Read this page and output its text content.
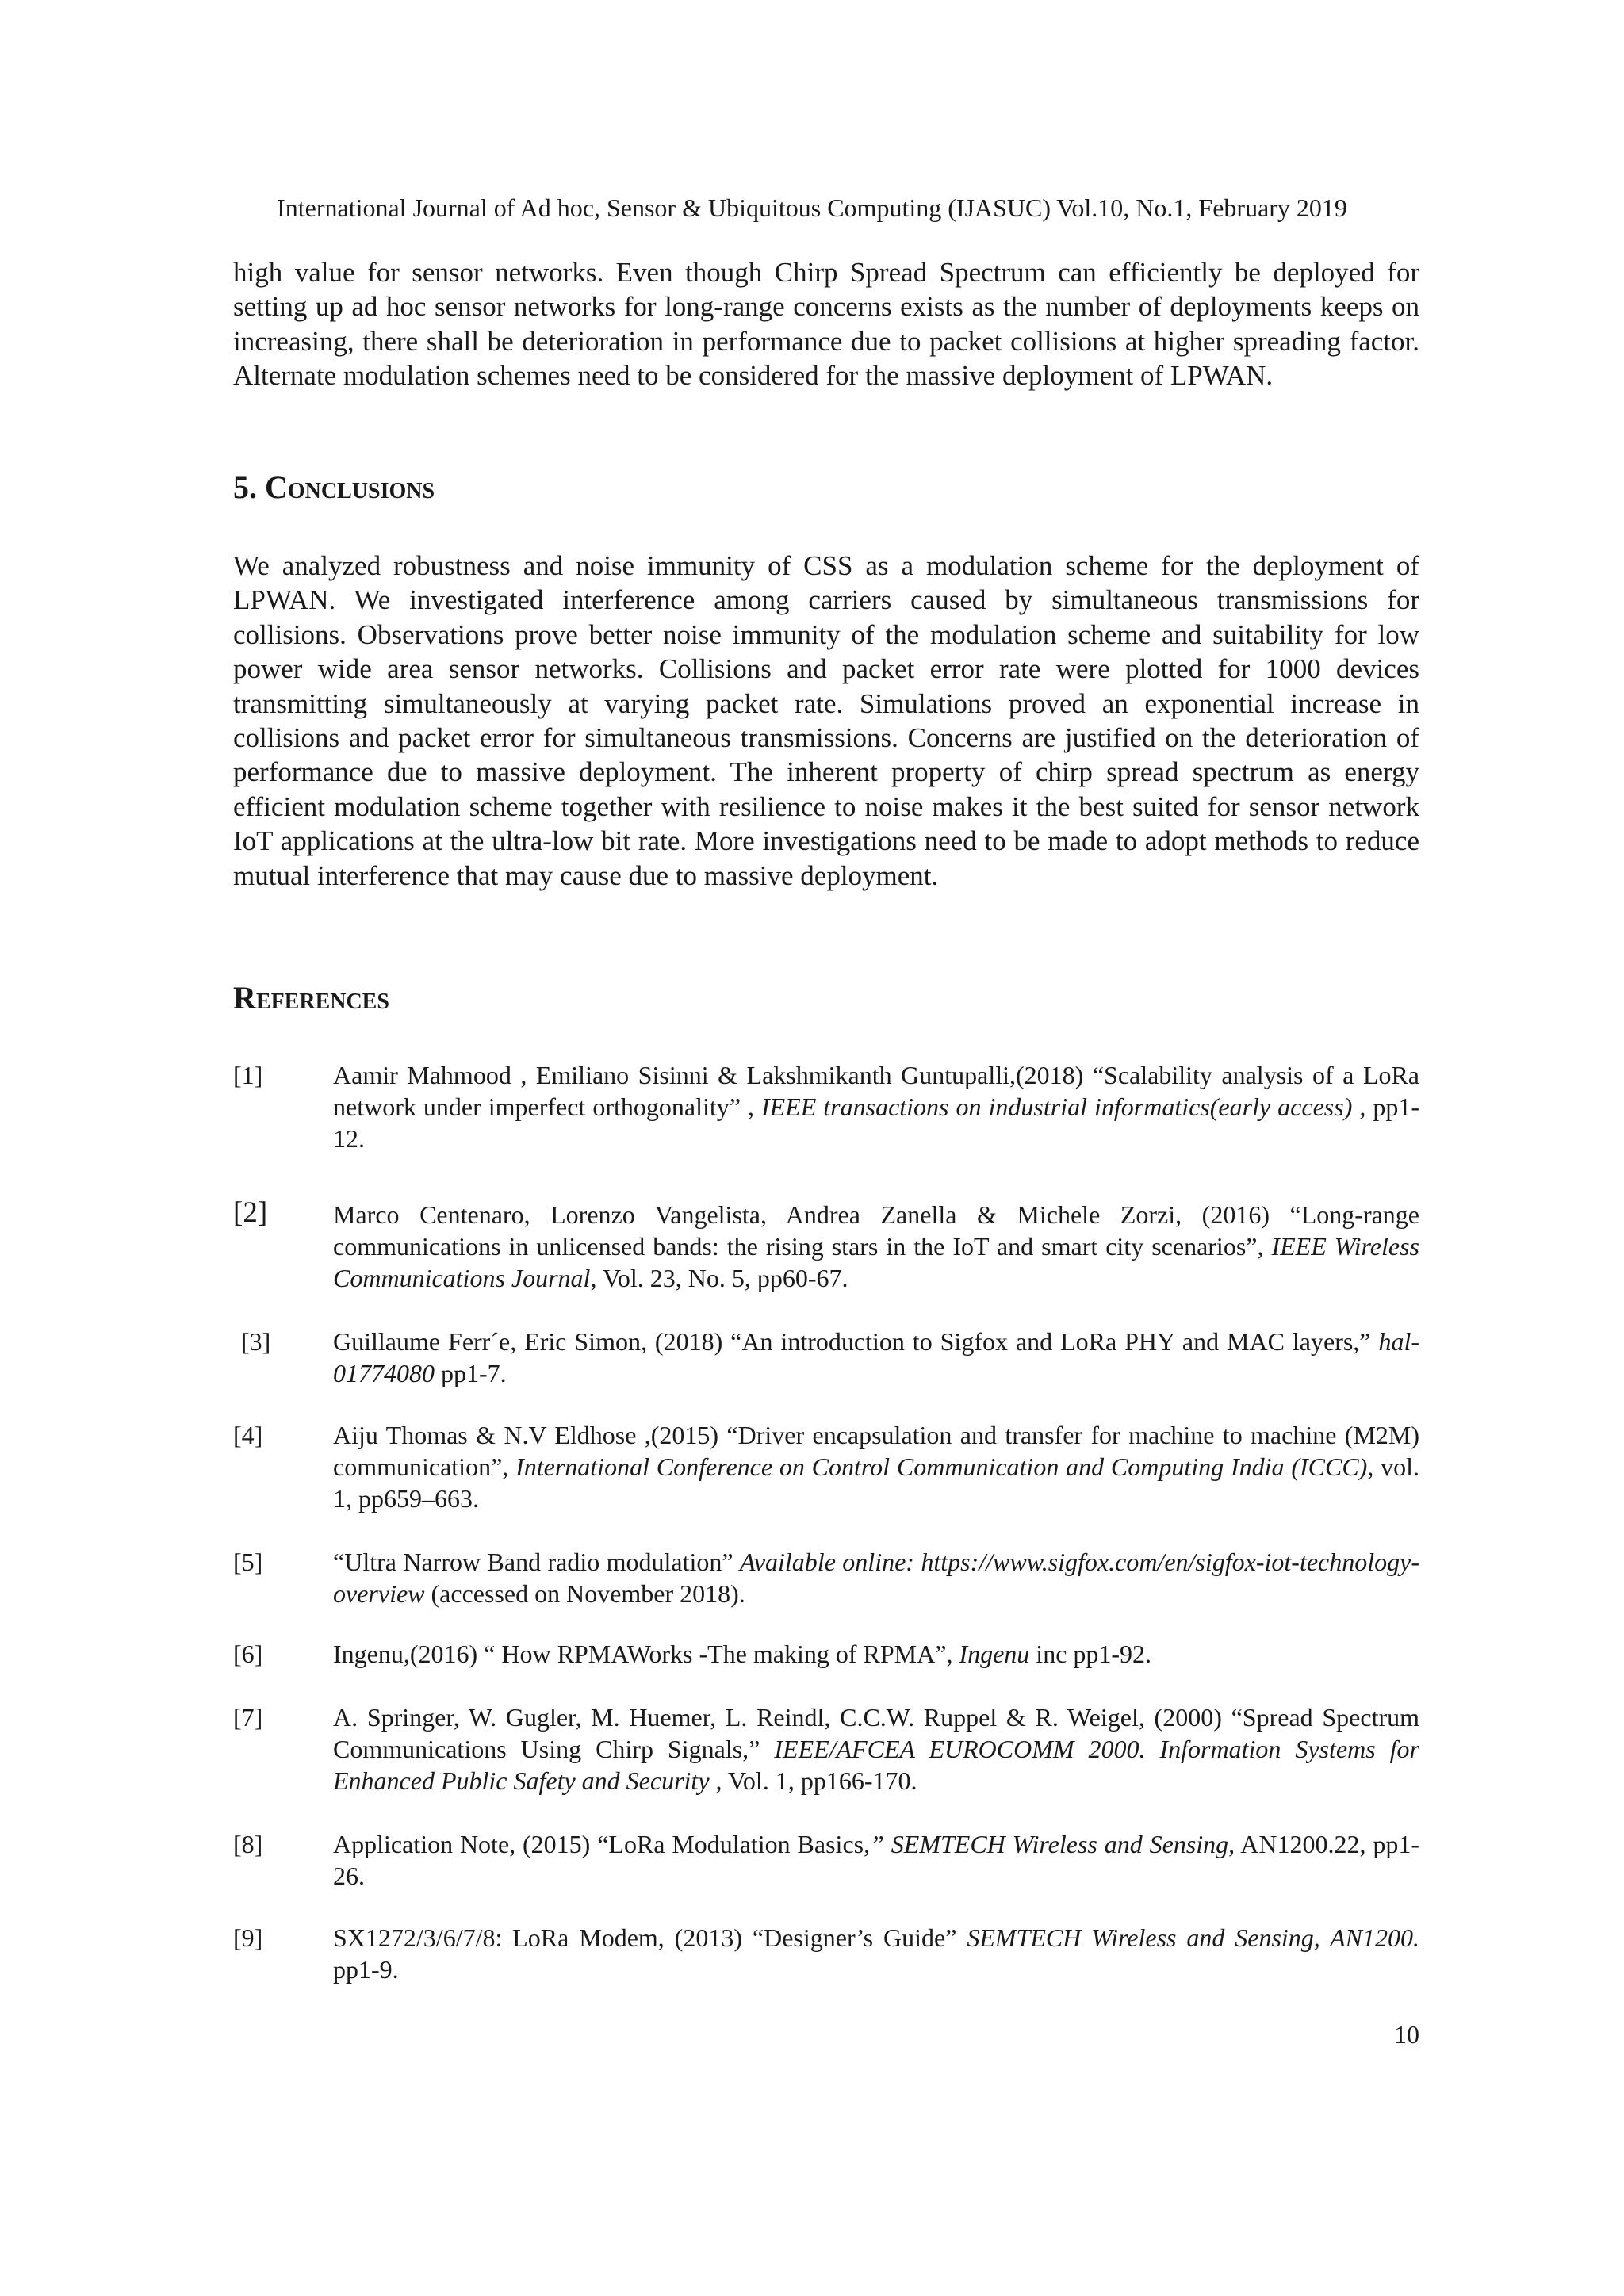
International Journal of Ad hoc, Sensor & Ubiquitous Computing (IJASUC) Vol.10, No.1, February 2019

high value for sensor networks. Even though Chirp Spread Spectrum can efficiently be deployed for setting up ad hoc sensor networks for long-range concerns exists as the number of deployments keeps on increasing, there shall be deterioration in performance due to packet collisions at higher spreading factor. Alternate modulation schemes need to be considered for the massive deployment of LPWAN.

5. Conclusions

We analyzed robustness and noise immunity of CSS as a modulation scheme for the deployment of LPWAN. We investigated interference among carriers caused by simultaneous transmissions for collisions. Observations prove better noise immunity of the modulation scheme and suitability for low power wide area sensor networks. Collisions and packet error rate were plotted for 1000 devices transmitting simultaneously at varying packet rate. Simulations proved an exponential increase in collisions and packet error for simultaneous transmissions. Concerns are justified on the deterioration of performance due to massive deployment. The inherent property of chirp spread spectrum as energy efficient modulation scheme together with resilience to noise makes it the best suited for sensor network IoT applications at the ultra-low bit rate. More investigations need to be made to adopt methods to reduce mutual interference that may cause due to massive deployment.

References
[1]	Aamir Mahmood , Emiliano Sisinni & Lakshmikanth Guntupalli,(2018) “Scalability analysis of a LoRa network under imperfect orthogonality” , IEEE transactions on industrial informatics(early access) , pp1-12.
[2]	Marco Centenaro, Lorenzo Vangelista, Andrea Zanella & Michele Zorzi, (2016) “Long-range communications in unlicensed bands: the rising stars in the IoT and smart city scenarios”, IEEE Wireless Communications Journal, Vol. 23, No. 5, pp60-67.
[3] Guillaume Ferr´e, Eric Simon, (2018) “An introduction to Sigfox and LoRa PHY and MAC layers,” hal-01774080 pp1-7.
[4]	Aiju Thomas & N.V Eldhose ,(2015) “Driver encapsulation and transfer for machine to machine (M2M) communication”, International Conference on Control Communication and Computing India (ICCC), vol. 1, pp659–663.
[5]	“Ultra Narrow Band radio modulation” Available online: https://www.sigfox.com/en/sigfox-iot-technology-overview (accessed on November 2018).
[6]	Ingenu,(2016) “ How RPMAWorks -The making of RPMA”, Ingenu inc pp1-92.
[7]	A. Springer, W. Gugler, M. Huemer, L. Reindl, C.C.W. Ruppel & R. Weigel, (2000) “Spread Spectrum Communications Using Chirp Signals,” IEEE/AFCEA EUROCOMM 2000. Information Systems for Enhanced Public Safety and Security , Vol. 1, pp166-170.
[8]	Application Note, (2015) “LoRa Modulation Basics,” SEMTECH Wireless and Sensing, AN1200.22, pp1-26.
[9]	SX1272/3/6/7/8: LoRa Modem, (2013) “Designer’s Guide” SEMTECH Wireless and Sensing, AN1200. pp1-9.
10
